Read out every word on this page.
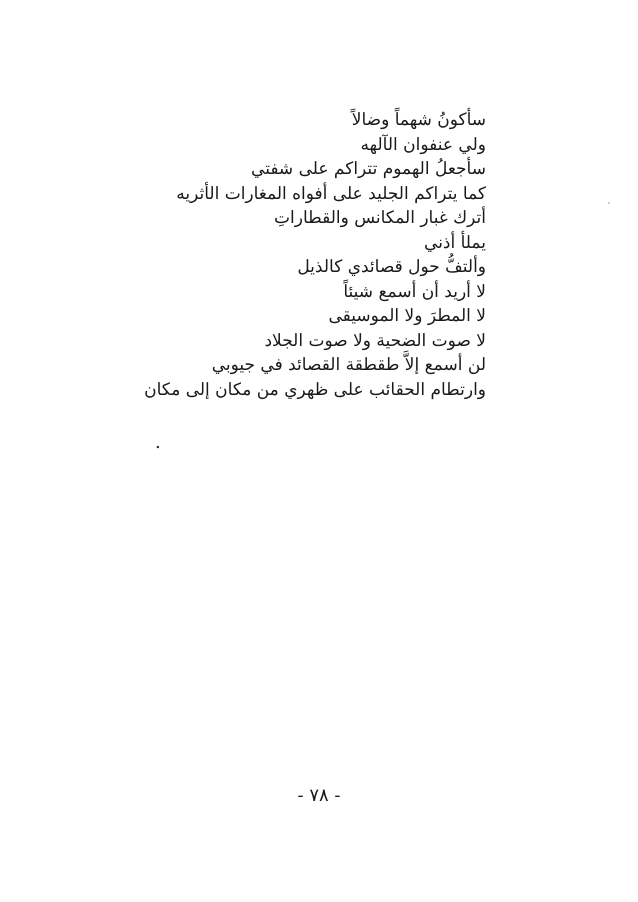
سأكونُ شهماً وضالاً
ولي عنفوان الآلهه
سأجعلُ الهموم تتراكم على شفتي
كما يتراكم الجليد على أفواه المغارات الأثريه
أترك غبار المكانس والقطاراتِ
يملأ أذني
وألتفُّ حول قصائدي كالذيل
لا أريد أن أسمع شيئاً
لا المطرَ ولا الموسيقى
لا صوت الضحية ولا صوت الجلاد
لن أسمع إلاَّ طقطقة القصائد في جيوبي
وارتطام الحقائب على ظهري من مكان إلى مكان
.
- ٧٨ -
